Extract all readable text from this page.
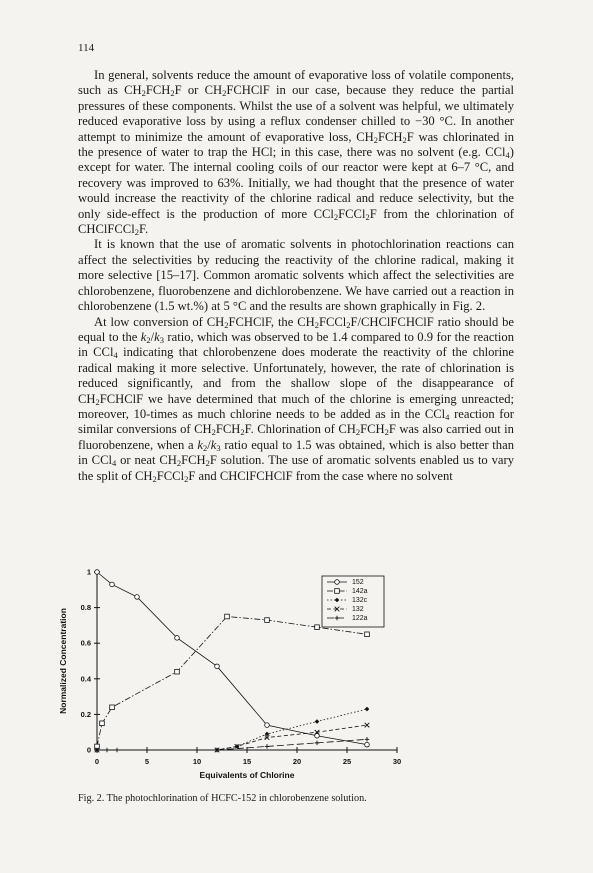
114

In general, solvents reduce the amount of evaporative loss of volatile components, such as $CH_2FCH_2F$ or $CH_2FCHClF$ in our case, because they reduce the partial pressures of these components. Whilst the use of a solvent was helpful, we ultimately reduced evaporative loss by using a reflux condenser chilled to −30 °C. In another attempt to minimize the amount of evaporative loss, $CH_2FCH_2F$ was chlorinated in the presence of water to trap the HCl; in this case, there was no solvent (e.g. CCl$_4$) except for water. The internal cooling coils of our reactor were kept at 6–7 °C, and recovery was improved to 63%. Initially, we had thought that the presence of water would increase the reactivity of the chlorine radical and reduce selectivity, but the only side-effect is the production of more CCl$_2$FCCl$_2$F from the chlorination of CHClFCCl$_2$F.

It is known that the use of aromatic solvents in photochlorination reactions can affect the selectivities by reducing the reactivity of the chlorine radical, making it more selective [15–17]. Common aromatic solvents which affect the selectivities are chlorobenzene, fluorobenzene and dichlorobenzene. We have carried out a reaction in chlorobenzene (1.5 wt.%) at 5 °C and the results are shown graphically in Fig. 2.

At low conversion of $CH_2FCHClF$, the $CH_2FCCl_2F$/CHClFCHClF ratio should be equal to the $k_2/k_3$ ratio, which was observed to be 1.4 compared to 0.9 for the reaction in CCl$_4$ indicating that chlorobenzene does moderate the reactivity of the chlorine radical making it more selective. Unfortunately, however, the rate of chlorination is reduced significantly, and from the shallow slope of the disappearance of $CH_2FCHClF$ we have determined that much of the chlorine is emerging unreacted; moreover, 10-times as much chlorine needs to be added as in the CCl$_4$ reaction for similar conversions of $CH_2FCH_2F$. Chlorination of $CH_2FCH_2F$ was also carried out in fluorobenzene, when a $k_2/k_3$ ratio equal to 1.5 was obtained, which is also better than in CCl$_4$ or neat $CH_2FCH_2F$ solution. The use of aromatic solvents enabled us to vary the split of $CH_2FCCl_2F$ and CHClFCHClF from the case where no solvent

0	5	10	15	20	25	30
0
0.2
0.4
0.6
0.8
1
Equivalents of Chlorine
Normalized Concentration
152
142a
132c
132
122a
Fig. 2. The photochlorination of HCFC-152 in chlorobenzene solution.
